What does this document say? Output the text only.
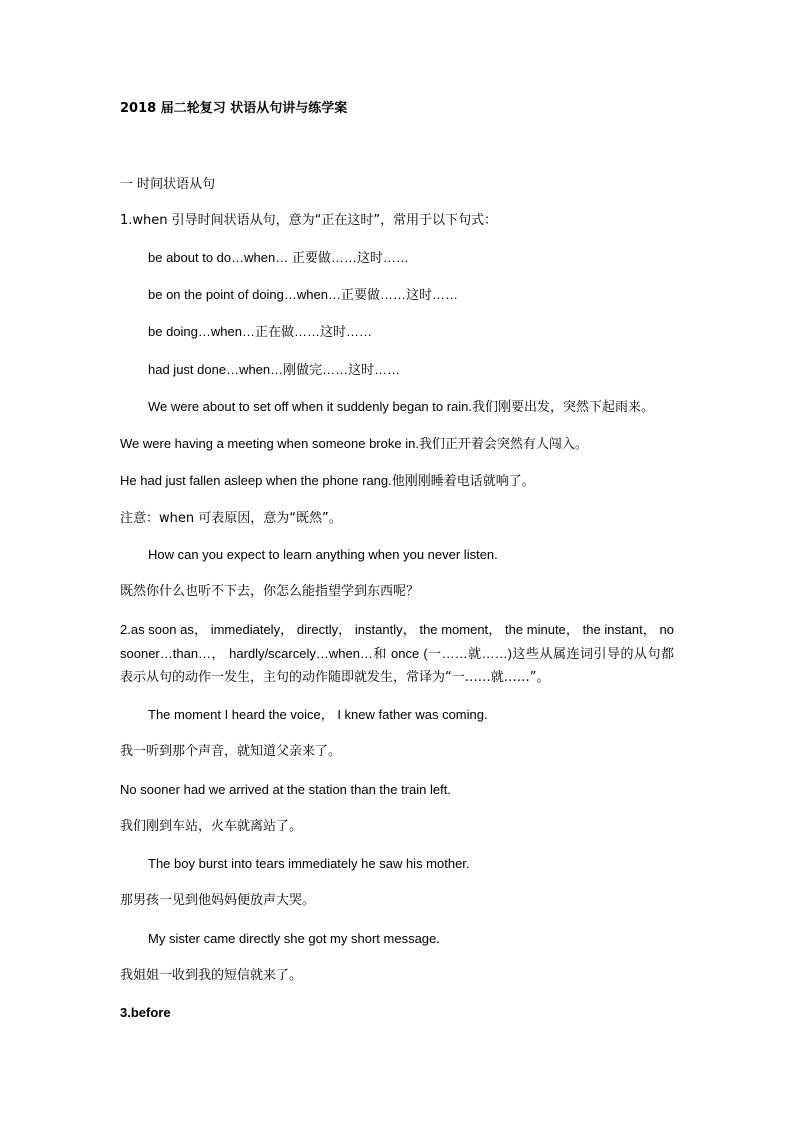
2018 届二轮复习 状语从句讲与练学案
一 时间状语从句
1.when 引导时间状语从句，意为“正在这时”，常用于以下句式：
be about to do…when… 正要做……这时……
be on the point of doing…when…正要做……这时……
be doing…when…正在做……这时……
had just done…when…刚做完……这时……
We were about to set off when it suddenly began to rain.我们刚要出发，突然下起雨来。
We were having a meeting when someone broke in.我们正开着会突然有人闯入。
He had just fallen asleep when the phone rang.他刚刚睡着电话就响了。
注意：when 可表原因，意为“既然”。
How can you expect to learn anything when you never listen.
既然你什么也听不下去，你怎么能指望学到东西呢？
2.as soon as， immediately， directly， instantly， the moment， the minute， the instant， no
sooner…than…， hardly/scarcely…when…和 once (一……就……)这些从属连词引导的从句都
表示从句的动作一发生，主句的动作随即就发生，常译为“一……就……”。
The moment I heard the voice， I knew father was coming.
我一听到那个声音，就知道父亲来了。
No sooner had we arrived at the station than the train left.
我们刚到车站，火车就离站了。
The boy burst into tears immediately he saw his mother.
那男孩一见到他妈妈便放声大哭。
My sister came directly she got my short message.
我姐姐一收到我的短信就来了。
3.before
